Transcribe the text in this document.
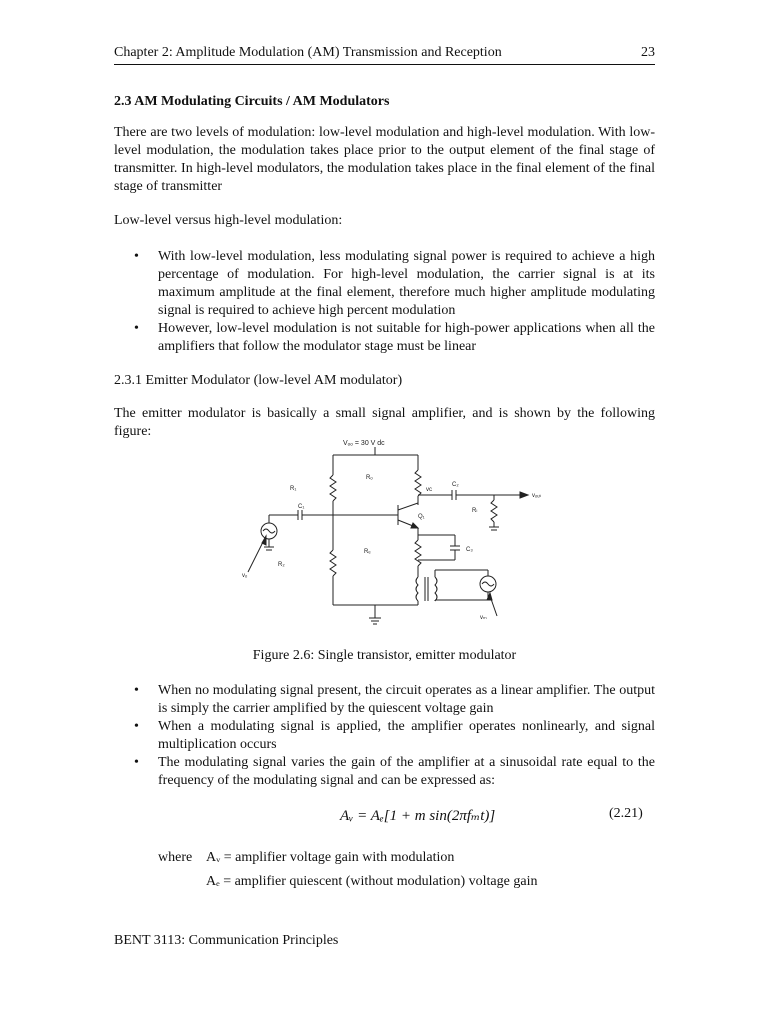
Chapter 2: Amplitude Modulation (AM) Transmission and Reception	23
2.3 AM Modulating Circuits / AM Modulators
There are two levels of modulation: low-level modulation and high-level modulation. With low-level modulation, the modulation takes place prior to the output element of the final stage of transmitter. In high-level modulators, the modulation takes place in the final element of the final stage of transmitter
Low-level versus high-level modulation:
• With low-level modulation, less modulating signal power is required to achieve a high percentage of modulation. For high-level modulation, the carrier signal is at its maximum amplitude at the final element, therefore much higher amplitude modulating signal is required to achieve high percent modulation
• However, low-level modulation is not suitable for high-power applications when all the amplifiers that follow the modulator stage must be linear
2.3.1 Emitter Modulator (low-level AM modulator)
The emitter modulator is basically a small signal amplifier, and is shown by the following figure:
Vₒₒ = 30 V dc
R₁
Rₒ
vc
C₂
vₒᵤₜ
Rₗ
Q₁
C₁
vₒ
R₂
Rₑ	C₃
vₘ
Figure 2.6: Single transistor, emitter modulator
• When no modulating signal present, the circuit operates as a linear amplifier. The output is simply the carrier amplified by the quiescent voltage gain
• When a modulating signal is applied, the amplifier operates nonlinearly, and signal multiplication occurs
• The modulating signal varies the gain of the amplifier at a sinusoidal rate equal to the frequency of the modulating signal and can be expressed as:
Aᵥ = Aₑ[1 + m sin(2πfₘt)]	(2.21)
where Aᵥ = amplifier voltage gain with modulation
Aₑ = amplifier quiescent (without modulation) voltage gain
BENT 3113: Communication Principles
